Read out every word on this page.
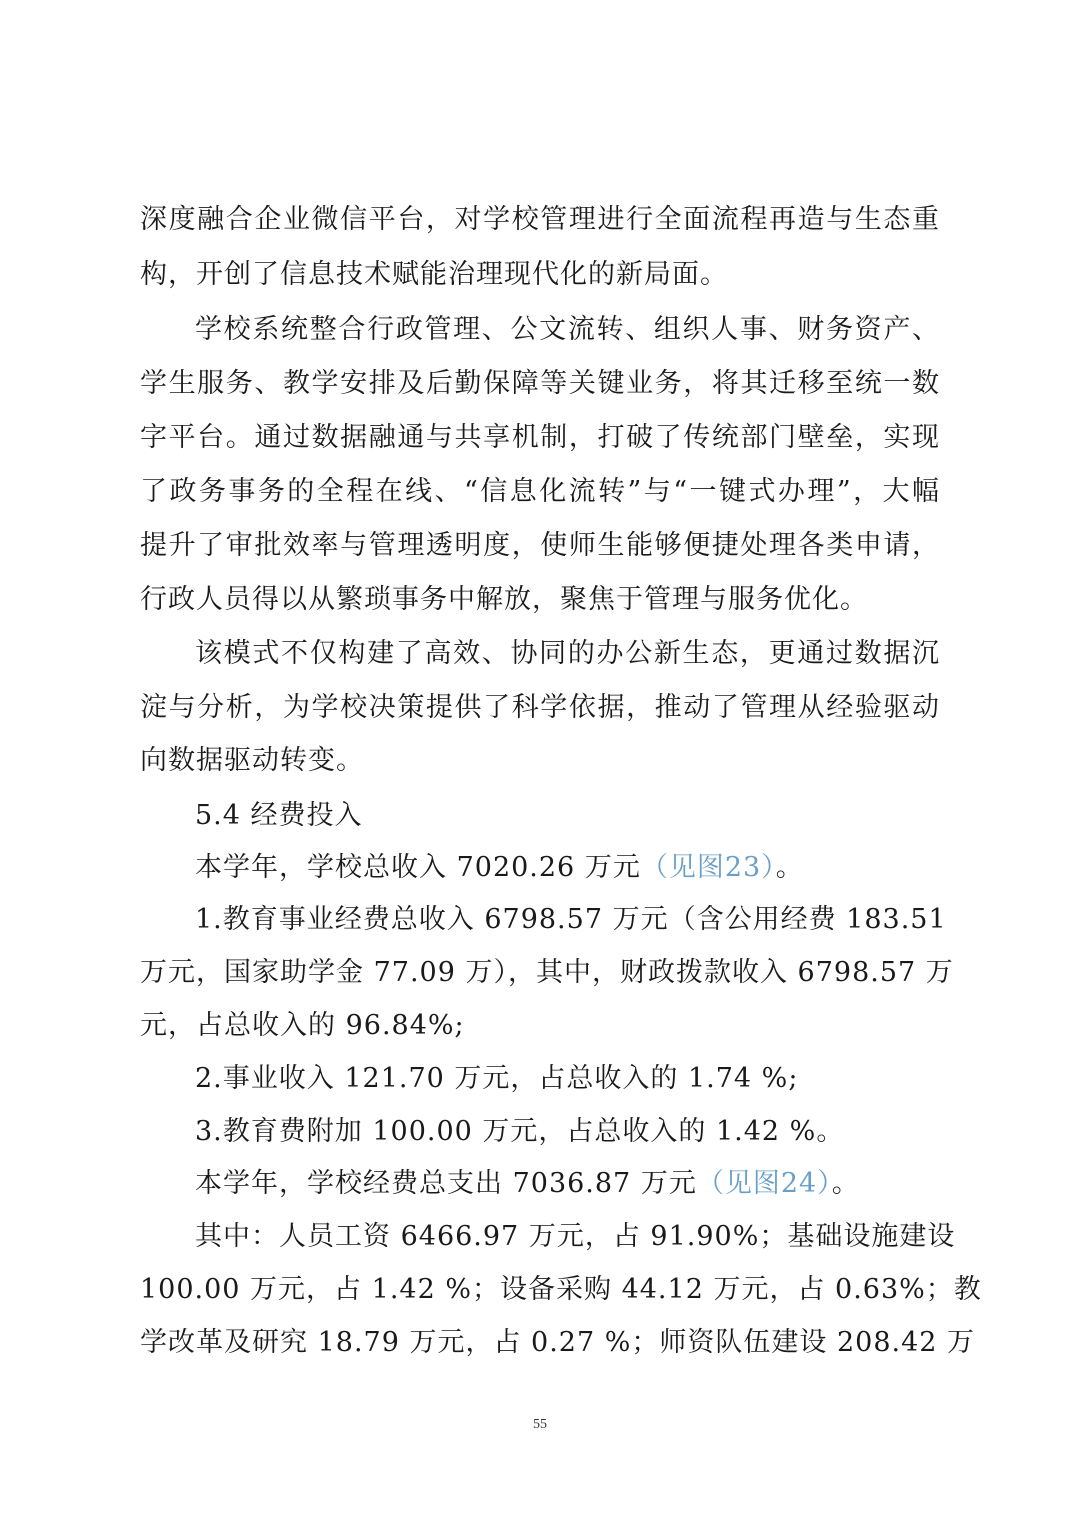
深度融合企业微信平台，对学校管理进行全面流程再造与生态重
构，开创了信息技术赋能治理现代化的新局面。
学校系统整合行政管理、公文流转、组织人事、财务资产、
学生服务、教学安排及后勤保障等关键业务，将其迁移至统一数
字平台。通过数据融通与共享机制，打破了传统部门壁垒，实现
了政务事务的全程在线、“信息化流转”与“一键式办理”，大幅
提升了审批效率与管理透明度，使师生能够便捷处理各类申请，
行政人员得以从繁琐事务中解放，聚焦于管理与服务优化。
该模式不仅构建了高效、协同的办公新生态，更通过数据沉
淀与分析，为学校决策提供了科学依据，推动了管理从经验驱动
向数据驱动转变。
5.4 经费投入
本学年，学校总收入 7020.26 万元（见图23）。
1.教育事业经费总收入 6798.57 万元（含公用经费 183.51
万元，国家助学金 77.09 万），其中，财政拨款收入 6798.57 万
元，占总收入的 96.84%;
2.事业收入 121.70 万元，占总收入的 1.74 %;
3.教育费附加 100.00 万元，占总收入的 1.42 %。
本学年，学校经费总支出 7036.87 万元（见图24）。
其中：人员工资 6466.97 万元，占 91.90%；基础设施建设
100.00 万元，占 1.42 %；设备采购 44.12 万元，占 0.63%；教
学改革及研究 18.79 万元，占 0.27 %；师资队伍建设 208.42 万
55
